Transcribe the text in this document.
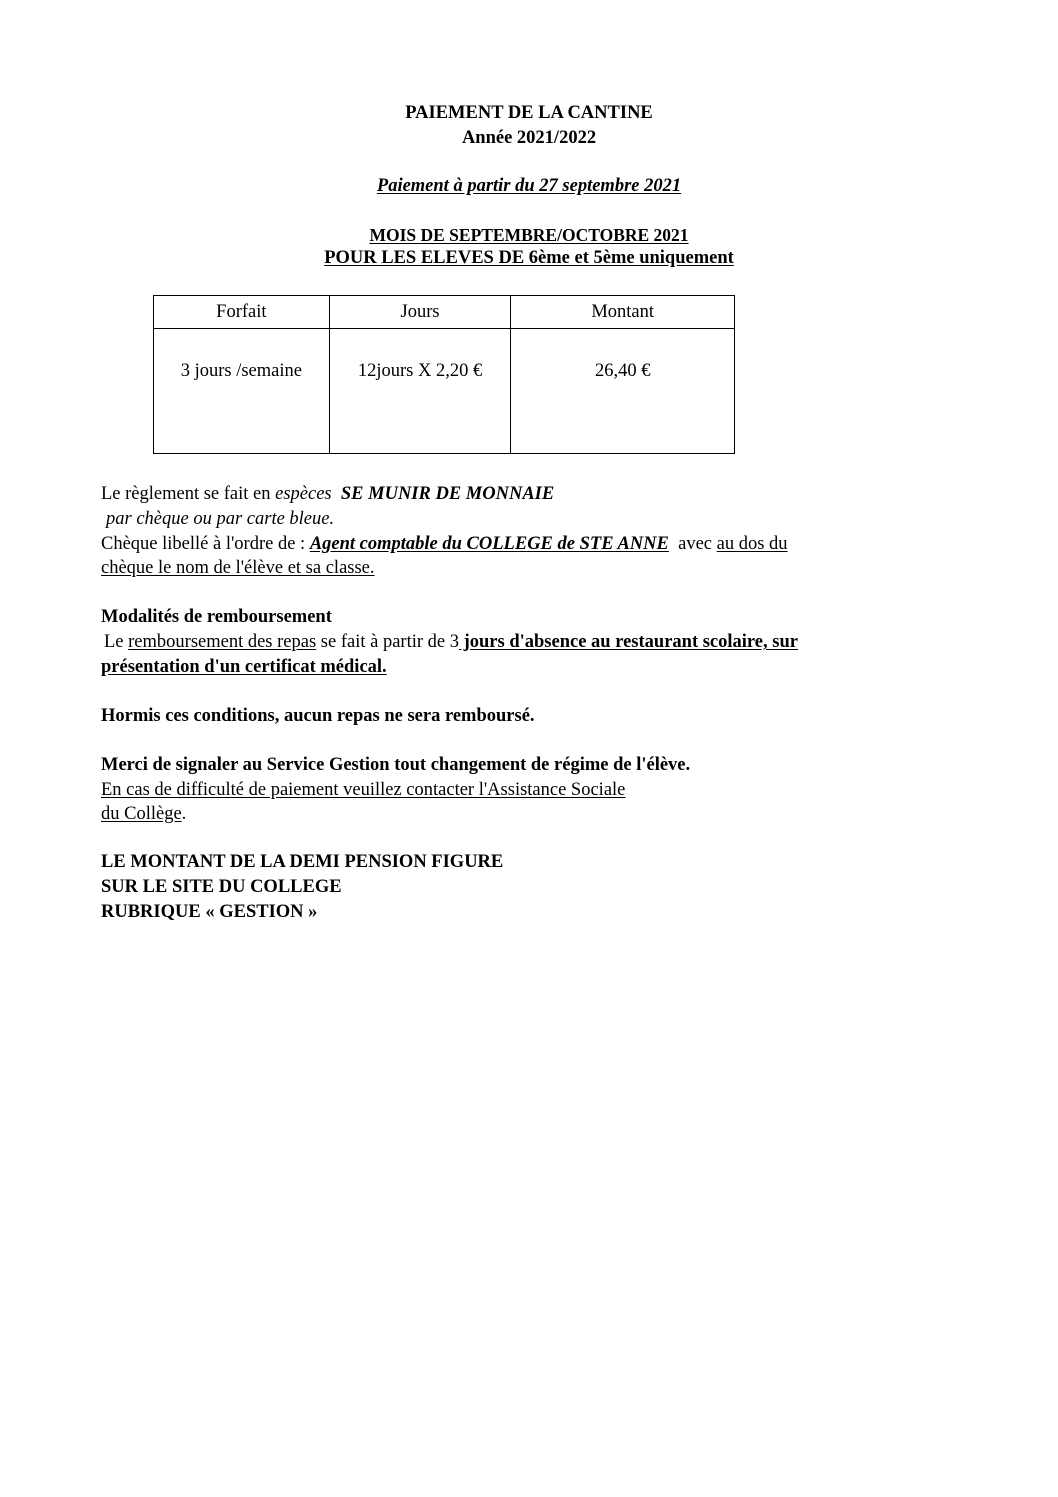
PAIEMENT DE LA CANTINE
Année 2021/2022
Paiement à partir du 27 septembre 2021
MOIS DE SEPTEMBRE/OCTOBRE 2021
POUR LES ELEVES DE 6ème et 5ème uniquement
Forfait	Jours	Montant
3 jours /semaine	12jours X 2,20 €	26,40 €
Le règlement se fait en espèces SE MUNIR DE MONNAIE
par chèque ou par carte bleue.
Chèque libellé à l'ordre de : Agent comptable du COLLEGE de STE ANNE avec au dos du
chèque le nom de l'élève et sa classe.
Modalités de remboursement
Le remboursement des repas se fait à partir de 3 jours d'absence au restaurant scolaire, sur
présentation d'un certificat médical.
Hormis ces conditions, aucun repas ne sera remboursé.
Merci de signaler au Service Gestion tout changement de régime de l'élève.
En cas de difficulté de paiement veuillez contacter l'Assistance Sociale
du Collège.
LE MONTANT DE LA DEMI PENSION FIGURE
SUR LE SITE DU COLLEGE
RUBRIQUE « GESTION »
